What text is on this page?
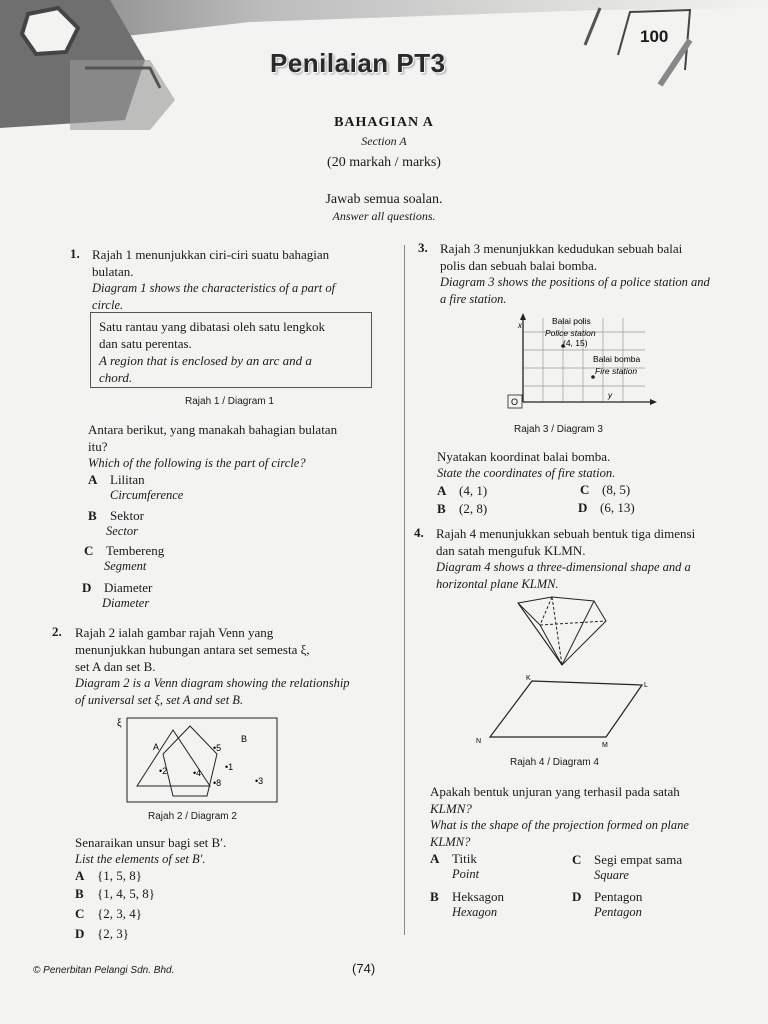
Penilaian PT3
100
BAHAGIAN A
Section A
(20 markah / marks)
Jawab semua soalan.
Answer all questions.
1. Rajah 1 menunjukkan ciri-ciri suatu bahagian
bulatan.
Diagram 1 shows the characteristics of a part of
circle.
Satu rantau yang dibatasi oleh satu lengkok
dan satu perentas.
A region that is enclosed by an arc and a
chord.
Rajah 1 / Diagram 1
Antara berikut, yang manakah bahagian bulatan
itu?
Which of the following is the part of circle?
A Lilitan
Circumference
B Sektor
Sector
C Tembereng
Segment
D Diameter
Diameter
2. Rajah 2 ialah gambar rajah Venn yang
menunjukkan hubungan antara set semesta ξ,
set A dan set B.
Diagram 2 is a Venn diagram showing the relationship
of universal set ξ, set A and set B.
ξ
B
A	•5
•1
•2	•4
•8	•3
Rajah 2 / Diagram 2
Senaraikan unsur bagi set B′.
List the elements of set B′.
A {1, 5, 8}
B {1, 4, 5, 8}
C {2, 3, 4}
D {2, 3}
3. Rajah 3 menunjukkan kedudukan sebuah balai
polis dan sebuah balai bomba.
Diagram 3 shows the positions of a police station and
a fire station.
x
y
O
Balai polis
Police station
(4, 15)
Balai bomba
Fire station
Rajah 3 / Diagram 3
Nyatakan koordinat balai bomba.
State the coordinates of fire station.
A (4, 1)	C (8, 5)
B (2, 8)	D (6, 13)
4. Rajah 4 menunjukkan sebuah bentuk tiga dimensi
dan satah mengufuk KLMN.
Diagram 4 shows a three-dimensional shape and a
horizontal plane KLMN.
K
L
M
N
Rajah 4 / Diagram 4
Apakah bentuk unjuran yang terhasil pada satah
KLMN?
What is the shape of the projection formed on plane
KLMN?
A Titik
Point
C Segi empat sama
Square
B Heksagon
Hexagon
D Pentagon
Pentagon
© Penerbitan Pelangi Sdn. Bhd.	(74)
